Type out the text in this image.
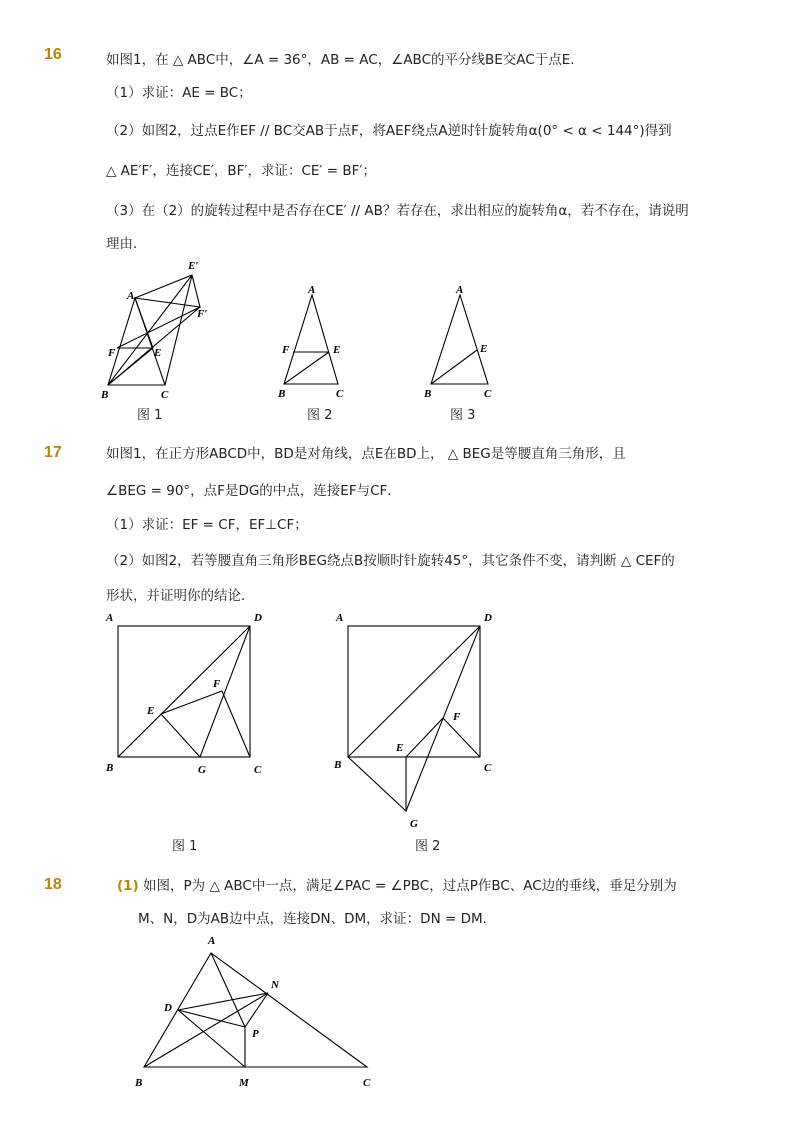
16	如图1，在 △ ABC中，∠A = 36°，AB = AC，∠ABC的平分线BE交AC于点E．
（1）求证：AE = BC；
（2）如图2，过点E作EF // BC交AB于点F，将AEF绕点A逆时针旋转角α(0° < α < 144°)得到
△ AE′F′，连接CE′，BF′，求证：CE′ = BF′；
（3）在（2）的旋转过程中是否存在CE′ // AB？若存在，求出相应的旋转角α，若不存在，请说明
理由．
A
B	C
E
F
E′
F′
图 1
A
B	C
E
F
图 2
A
B	C
E
图 3
17	如图1，在正方形ABCD中，BD是对角线，点E在BD上， △ BEG是等腰直角三角形，且
∠BEG = 90°，点F是DG的中点，连接EF与CF．
（1）求证：EF = CF，EF⊥CF；
（2）如图2，若等腰直角三角形BEG绕点B按顺时针旋转45°，其它条件不变，请判断 △ CEF的
形状，并证明你的结论．
A	D
B	C
E
F
G
图 1
A	D
B	C
E
F
G
图 2
18	(1) 如图，P为 △ ABC中一点，满足∠PAC = ∠PBC，过点P作BC、AC边的垂线，垂足分别为
M、N，D为AB边中点，连接DN、DM，求证：DN = DM．
A
B	C
D
N
P
M
